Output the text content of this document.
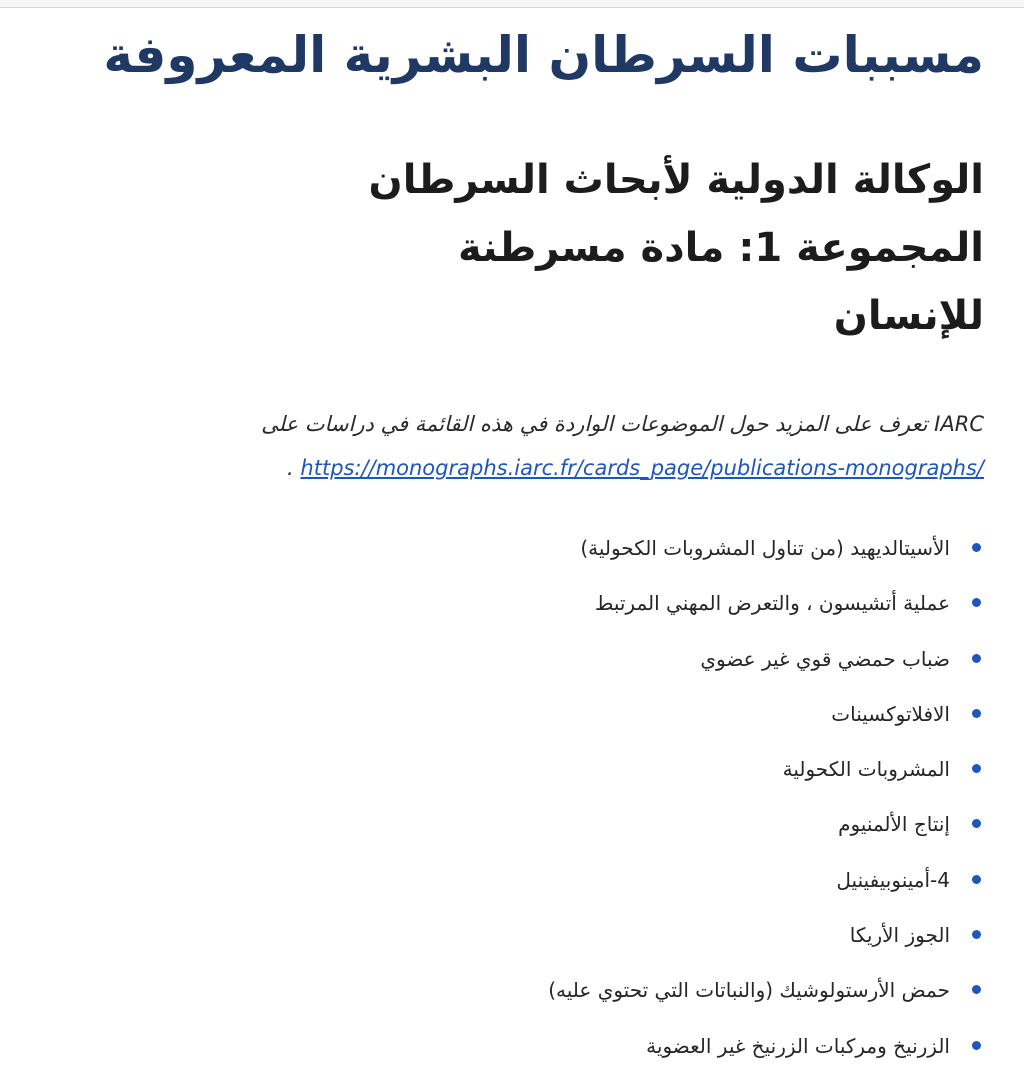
مسببات السرطان البشرية المعروفة
الوكالة الدولية لأبحاث السرطان
المجموعة 1: مادة مسرطنة للإنسان

IARC تعرف على المزيد حول الموضوعات الواردة في هذه القائمة في دراسات على
https://monographs.iarc.fr/cards_page/publications-monographs/ .

الأسيتالديهيد (من تناول المشروبات الكحولية)
عملية أتشيسون ، والتعرض المهني المرتبط
ضباب حمضي قوي غير عضوي
الافلاتوكسينات
المشروبات الكحولية
إنتاج الألمنيوم
4-أمينوبيفينيل
الجوز الأريكا
حمض الأرستولوشيك (والنباتات التي تحتوي عليه)
الزرنيخ ومركبات الزرنيخ غير العضوية
